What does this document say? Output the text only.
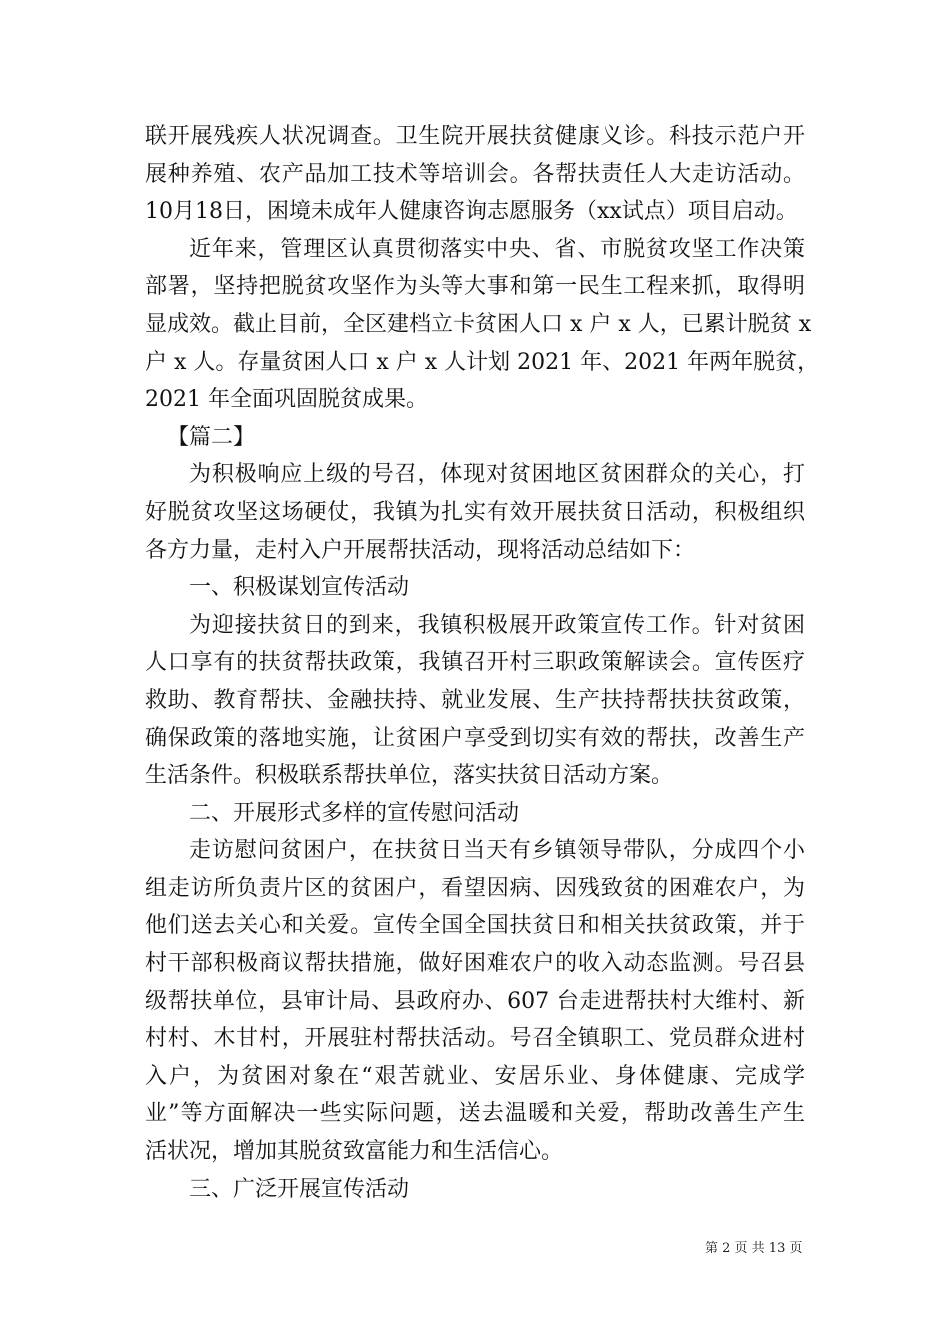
联开展残疾人状况调查。卫生院开展扶贫健康义诊。科技示范户开
展种养殖、农产品加工技术等培训会。各帮扶责任人大走访活动。
10月18日，困境未成年人健康咨询志愿服务（xx试点）项目启动。
近年来，管理区认真贯彻落实中央、省、市脱贫攻坚工作决策
部署，坚持把脱贫攻坚作为头等大事和第一民生工程来抓，取得明
显成效。截止目前，全区建档立卡贫困人口 x 户 x 人，已累计脱贫 x
户 x 人。存量贫困人口 x 户 x 人计划 2021 年、2021 年两年脱贫，
2021 年全面巩固脱贫成果。
【篇二】
为积极响应上级的号召，体现对贫困地区贫困群众的关心，打
好脱贫攻坚这场硬仗，我镇为扎实有效开展扶贫日活动，积极组织
各方力量，走村入户开展帮扶活动，现将活动总结如下：
一、积极谋划宣传活动
为迎接扶贫日的到来，我镇积极展开政策宣传工作。针对贫困
人口享有的扶贫帮扶政策，我镇召开村三职政策解读会。宣传医疗
救助、教育帮扶、金融扶持、就业发展、生产扶持帮扶扶贫政策，
确保政策的落地实施，让贫困户享受到切实有效的帮扶，改善生产
生活条件。积极联系帮扶单位，落实扶贫日活动方案。
二、开展形式多样的宣传慰问活动
走访慰问贫困户，在扶贫日当天有乡镇领导带队，分成四个小
组走访所负责片区的贫困户，看望因病、因残致贫的困难农户，为
他们送去关心和关爱。宣传全国全国扶贫日和相关扶贫政策，并于
村干部积极商议帮扶措施，做好困难农户的收入动态监测。号召县
级帮扶单位，县审计局、县政府办、607 台走进帮扶村大维村、新
村村、木甘村，开展驻村帮扶活动。号召全镇职工、党员群众进村
入户，为贫困对象在“艰苦就业、安居乐业、身体健康、完成学
业”等方面解决一些实际问题，送去温暖和关爱，帮助改善生产生
活状况，增加其脱贫致富能力和生活信心。
三、广泛开展宣传活动
第 2 页 共 13 页
